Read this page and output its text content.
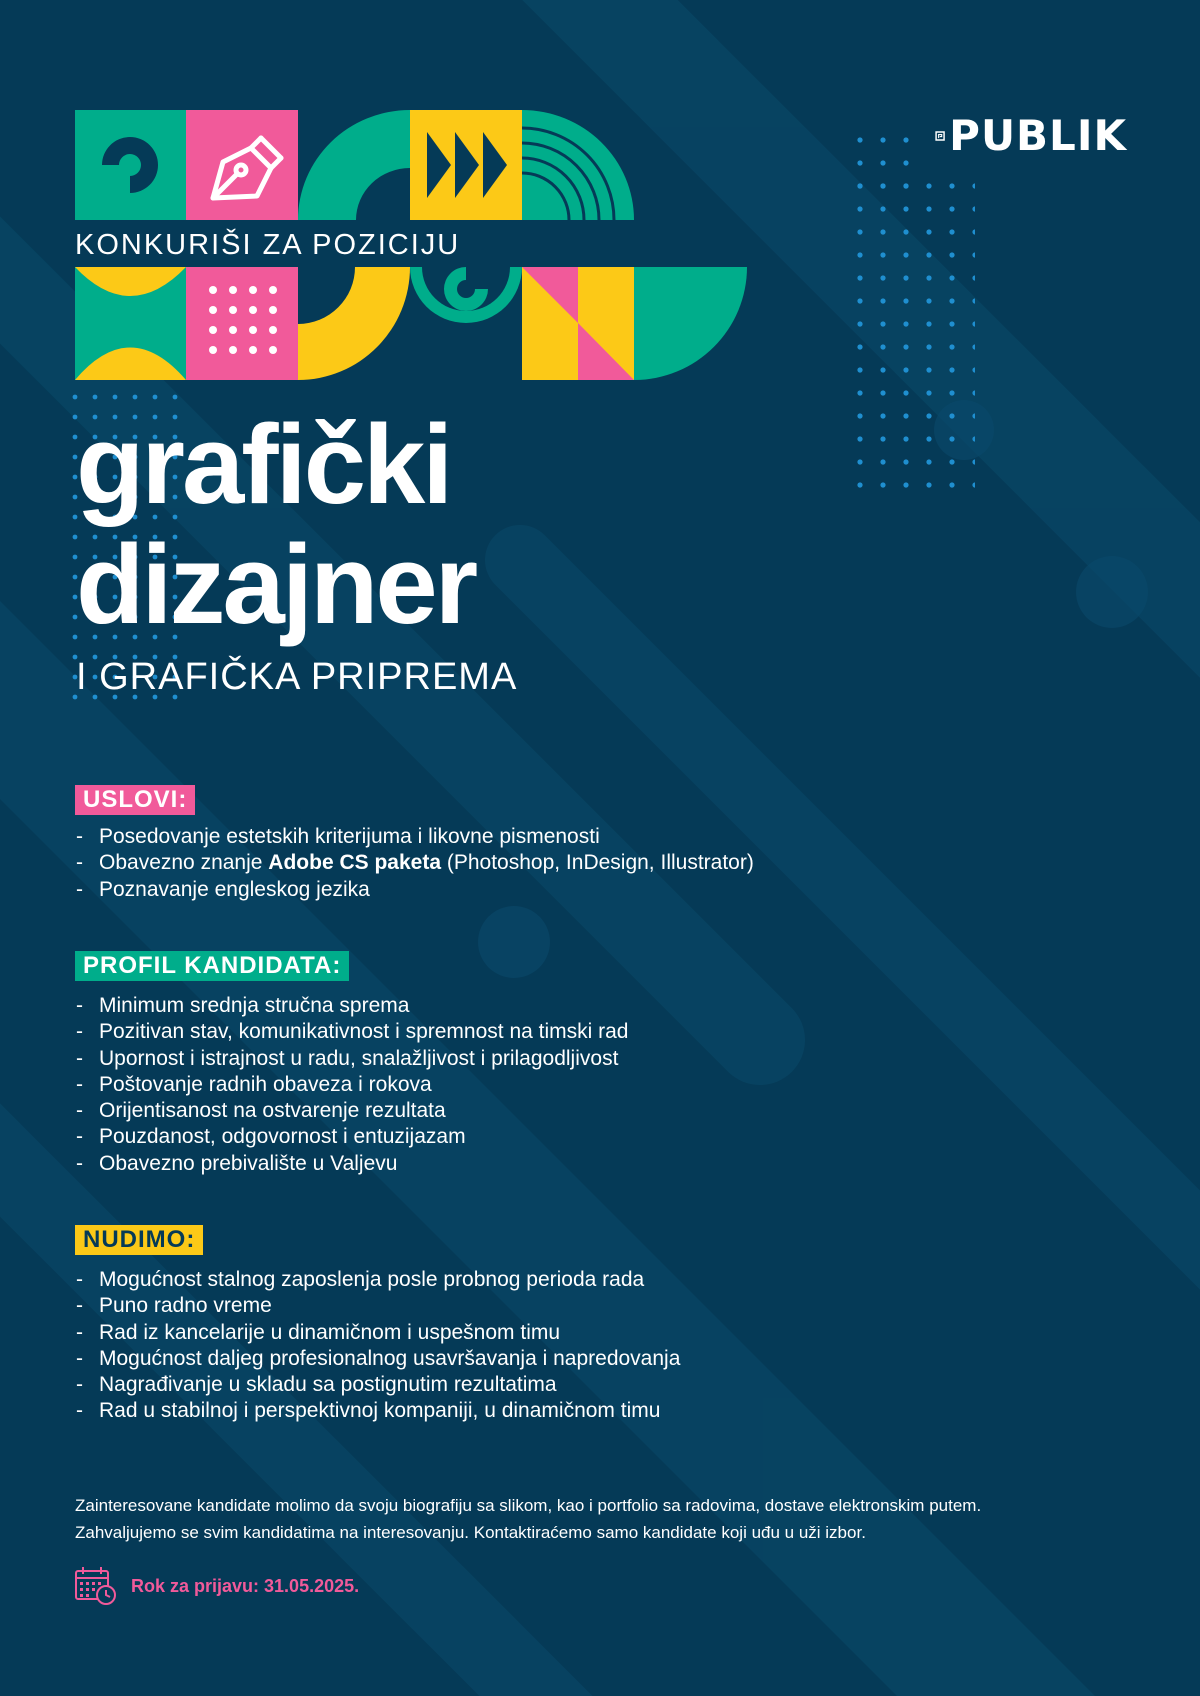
PUBLIK
KONKURIŠI ZA POZICIJU
grafički
dizajner
I GRAFIČKA PRIPREMA
USLOVI:
- Posedovanje estetskih kriterijuma i likovne pismenosti
- Obavezno znanje Adobe CS paketa (Photoshop, InDesign, Illustrator)
- Poznavanje engleskog jezika
PROFIL KANDIDATA:
- Minimum srednja stručna sprema
- Pozitivan stav, komunikativnost i spremnost na timski rad
- Upornost i istrajnost u radu, snalažljivost i prilagodljivost
- Poštovanje radnih obaveza i rokova
- Orijentisanost na ostvarenje rezultata
- Pouzdanost, odgovornost i entuzijazam
- Obavezno prebivalište u Valjevu
NUDIMO:
- Mogućnost stalnog zaposlenja posle probnog perioda rada
- Puno radno vreme
- Rad iz kancelarije u dinamičnom i uspešnom timu
- Mogućnost daljeg profesionalnog usavršavanja i napredovanja
- Nagrađivanje u skladu sa postignutim rezultatima
- Rad u stabilnoj i perspektivnoj kompaniji, u dinamičnom timu
Zainteresovane kandidate molimo da svoju biografiju sa slikom, kao i portfolio sa radovima, dostave elektronskim putem.
Zahvaljujemo se svim kandidatima na interesovanju. Kontaktiraćemo samo kandidate koji uđu u uži izbor.
Rok za prijavu: 31.05.2025.
